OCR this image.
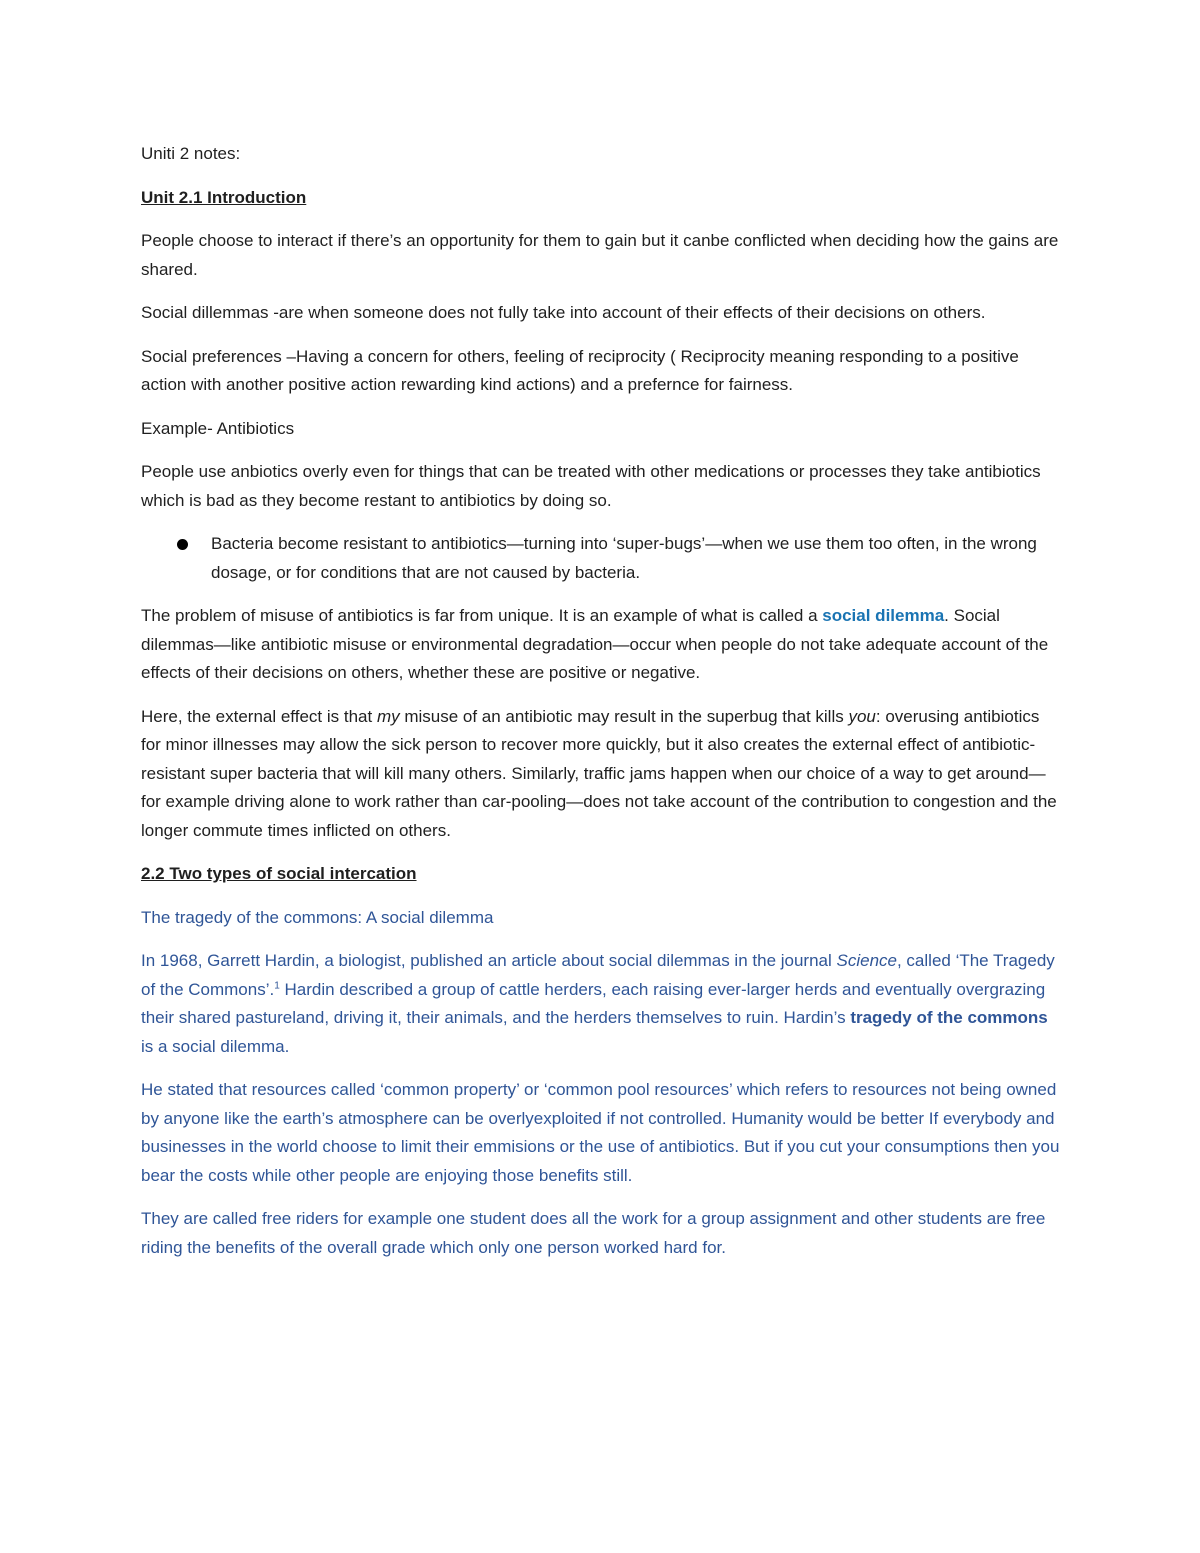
Uniti 2 notes:

Unit 2.1 Introduction

People choose to interact if there’s an opportunity for them to gain but it canbe conflicted when deciding how the gains are shared.

Social dillemmas -are when someone does not fully take into account of their effects of their decisions on others.

Social preferences –Having a concern for others, feeling of reciprocity ( Reciprocity meaning responding to a positive action with another positive action rewarding kind actions) and a prefernce for fairness.

Example- Antibiotics

People use anbiotics overly even for things that can be treated with other medications or processes they take antibiotics which is bad as they become restant to antibiotics by doing so.

Bacteria become resistant to antibiotics—turning into ‘super-bugs’—when we use them too often, in the wrong dosage, or for conditions that are not caused by bacteria.

The problem of misuse of antibiotics is far from unique. It is an example of what is called a social dilemma. Social dilemmas—like antibiotic misuse or environmental degradation—occur when people do not take adequate account of the effects of their decisions on others, whether these are positive or negative.

Here, the external effect is that my misuse of an antibiotic may result in the superbug that kills you: overusing antibiotics for minor illnesses may allow the sick person to recover more quickly, but it also creates the external effect of antibiotic-resistant super bacteria that will kill many others. Similarly, traffic jams happen when our choice of a way to get around—for example driving alone to work rather than car-pooling—does not take account of the contribution to congestion and the longer commute times inflicted on others.

2.2 Two types of social intercation

The tragedy of the commons: A social dilemma

In 1968, Garrett Hardin, a biologist, published an article about social dilemmas in the journal Science, called ‘The Tragedy of the Commons’.$^1$ Hardin described a group of cattle herders, each raising ever-larger herds and eventually overgrazing their shared pastureland, driving it, their animals, and the herders themselves to ruin. Hardin’s tragedy of the commons is a social dilemma.

He stated that resources called ‘common property’ or ‘common pool resources’ which refers to resources not being owned by anyone like the earth’s atmosphere can be overlyexploited if not controlled. Humanity would be better If everybody and businesses in the world choose to limit their emmisions or the use of antibiotics. But if you cut your consumptions then you bear the costs while other people are enjoying those benefits still.

They are called free riders for example one student does all the work for a group assignment and other students are free riding the benefits of the overall grade which only one person worked hard for.
